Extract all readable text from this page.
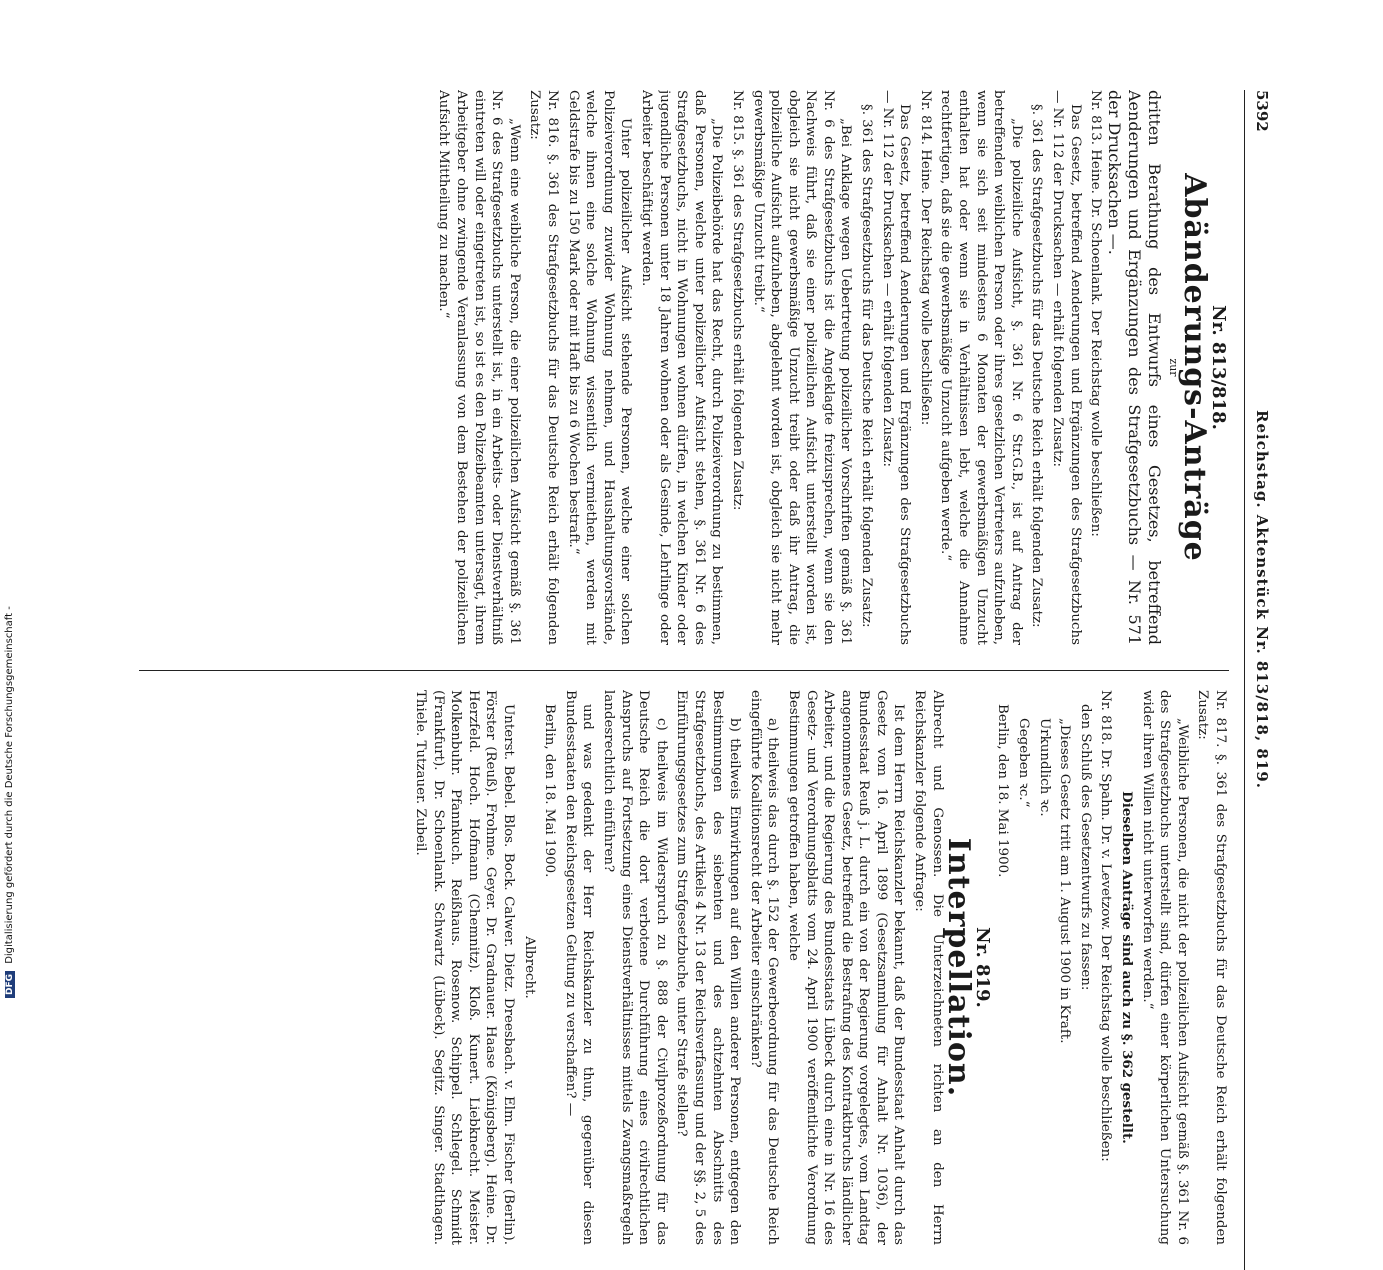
5392
Reichstag. Aktenstück Nr. 813/818, 819.
Nr. 813/818.
Abänderungs-Anträge
zur
dritten Berathung des Entwurfs eines Gesetzes, betreffend Aenderungen und Ergänzungen des Strafgesetzbuchs — Nr. 571 der Drucksachen —.

Nr. 813. Heine. Dr. Schoenlank. Der Reichstag wolle beschließen:

Das Gesetz, betreffend Aenderungen und Ergänzungen des Strafgesetzbuchs — Nr. 112 der Drucksachen — erhält folgenden Zusatz:

§. 361 des Strafgesetzbuchs für das Deutsche Reich erhält folgenden Zusatz:

„Die polizeiliche Aufsicht, §. 361 Nr. 6 Str.G.B., ist auf Antrag der betreffenden weiblichen Person oder ihres gesetzlichen Vertreters aufzuheben, wenn sie sich seit mindestens 6 Monaten der gewerbsmäßigen Unzucht enthalten hat oder wenn sie in Verhältnissen lebt, welche die Annahme rechtfertigen, daß sie die gewerbsmäßige Unzucht aufgeben werde.“

Nr. 814. Heine. Der Reichstag wolle beschließen:

Das Gesetz, betreffend Aenderungen und Ergänzungen des Strafgesetzbuchs — Nr. 112 der Drucksachen — erhält folgenden Zusatz:

§. 361 des Strafgesetzbuchs für das Deutsche Reich erhält folgenden Zusatz:

„Bei Anklage wegen Uebertretung polizeilicher Vorschriften gemäß §. 361 Nr. 6 des Strafgesetzbuchs ist die Angeklagte freizusprechen, wenn sie den Nachweis führt, daß sie einer polizeilichen Aufsicht unterstellt worden ist, obgleich sie nicht gewerbsmäßige Unzucht treibt oder daß ihr Antrag, die polizeiliche Aufsicht aufzuheben, abgelehnt worden ist, obgleich sie nicht mehr gewerbsmäßige Unzucht treibt.“

Nr. 815. §. 361 des Strafgesetzbuchs erhält folgenden Zusatz:

„Die Polizeibehörde hat das Recht, durch Polizeiverordnung zu bestimmen, daß Personen, welche unter polizeilicher Aufsicht stehen, §. 361 Nr. 6 des Strafgesetzbuchs, nicht in Wohnungen wohnen dürfen, in welchen Kinder oder jugendliche Personen unter 18 Jahren wohnen oder als Gesinde, Lehrlinge oder Arbeiter beschäftigt werden.

Unter polizeilicher Aufsicht stehende Personen, welche einer solchen Polizeiverordnung zuwider Wohnung nehmen, und Haushaltungsvorstände, welche ihnen eine solche Wohnung wissentlich vermiethen, werden mit Geldstrafe bis zu 150 Mark oder mit Haft bis zu 6 Wochen bestraft.“

Nr. 816. §. 361 des Strafgesetzbuchs für das Deutsche Reich erhält folgenden Zusatz:

„Wenn eine weibliche Person, die einer polizeilichen Aufsicht gemäß §. 361 Nr. 6 des Strafgesetzbuchs unterstellt ist, in ein Arbeits- oder Dienstverhältniß eintreten will oder eingetreten ist, so ist es den Polizeibeamten untersagt, ihrem Arbeitgeber ohne zwingende Veranlassung von dem Bestehen der polizeilichen Aufsicht Mittheilung zu machen.“

Nr. 817. §. 361 des Strafgesetzbuchs für das Deutsche Reich erhält folgenden Zusatz:

„Weibliche Personen, die nicht der polizeilichen Aufsicht gemäß §. 361 Nr. 6 des Strafgesetzbuchs unterstellt sind, dürfen einer körperlichen Untersuchung wider ihren Willen nicht unterworfen werden.“

Dieselben Anträge sind auch zu §. 362 gestellt.

Nr. 818. Dr. Spahn. Dr. v. Levetzow. Der Reichstag wolle beschließen:

den Schluß des Gesetzentwurfs zu fassen:

„Dieses Gesetz tritt am 1. August 1900 in Kraft.

Urkundlich ꝛc.

Gegeben ꝛc.“

Berlin, den 18. Mai 1900.

Nr. 819.
Interpellation.

Albrecht und Genossen. Die Unterzeichneten richten an den Herrn Reichskanzler folgende Anfrage:

Ist dem Herrn Reichskanzler bekannt, daß der Bundesstaat Anhalt durch das Gesetz vom 16. April 1899 (Gesetzsammlung für Anhalt Nr. 1036), der Bundesstaat Reuß j. L. durch ein von der Regierung vorgelegtes, vom Landtag angenommenes Gesetz, betreffend die Bestrafung des Kontraktbruchs ländlicher Arbeiter, und die Regierung des Bundesstaats Lübeck durch eine in Nr. 16 des Gesetz- und Verordnungsblatts vom 24. April 1900 veröffentlichte Verordnung Bestimmungen getroffen haben, welche

a) theilweis das durch §. 152 der Gewerbeordnung für das Deutsche Reich eingeführte Koalitionsrecht der Arbeiter einschränken?

b) theilweis Einwirkungen auf den Willen anderer Personen, entgegen den Bestimmungen des siebenten und des achtzehnten Abschnitts des Strafgesetzbuchs, des Artikels 4 Nr. 13 der Reichsverfassung und der §§. 2, 5 des Einführungsgesetzes zum Strafgesetzbuche, unter Strafe stellen?

c) theilweis im Widerspruch zu §. 888 der Civilprozeßordnung für das Deutsche Reich die dort verbotene Durchführung eines civilrechtlichen Anspruchs auf Fortsetzung eines Dienstverhältnisses mittels Zwangsmaßregeln landesrechtlich einführen?

und was gedenkt der Herr Reichskanzler zu thun, gegenüber diesen Bundesstaaten den Reichsgesetzen Geltung zu verschaffen? —

Berlin, den 18. Mai 1900.

Albrecht.

Unterst. Bebel. Blos. Bock. Calwer. Dietz. Dreesbach. v. Elm. Fischer (Berlin). Förster (Reuß). Frohme. Geyer. Dr. Gradnauer. Haase (Königsberg). Heine. Dr. Herzfeld. Hoch. Hofmann (Chemnitz). Kloß. Kunert. Liebknecht. Meister. Molkenbuhr. Pfannkuch. Reißhaus. Rosenow. Schippel. Schlegel. Schmidt (Frankfurt). Dr. Schoenlank. Schwartz (Lübeck). Segitz. Singer. Stadthagen. Thiele. Tutzauer. Zubeil.

DFG Digitalisierung gefördert durch die Deutsche Forschungsgemeinschaft -
